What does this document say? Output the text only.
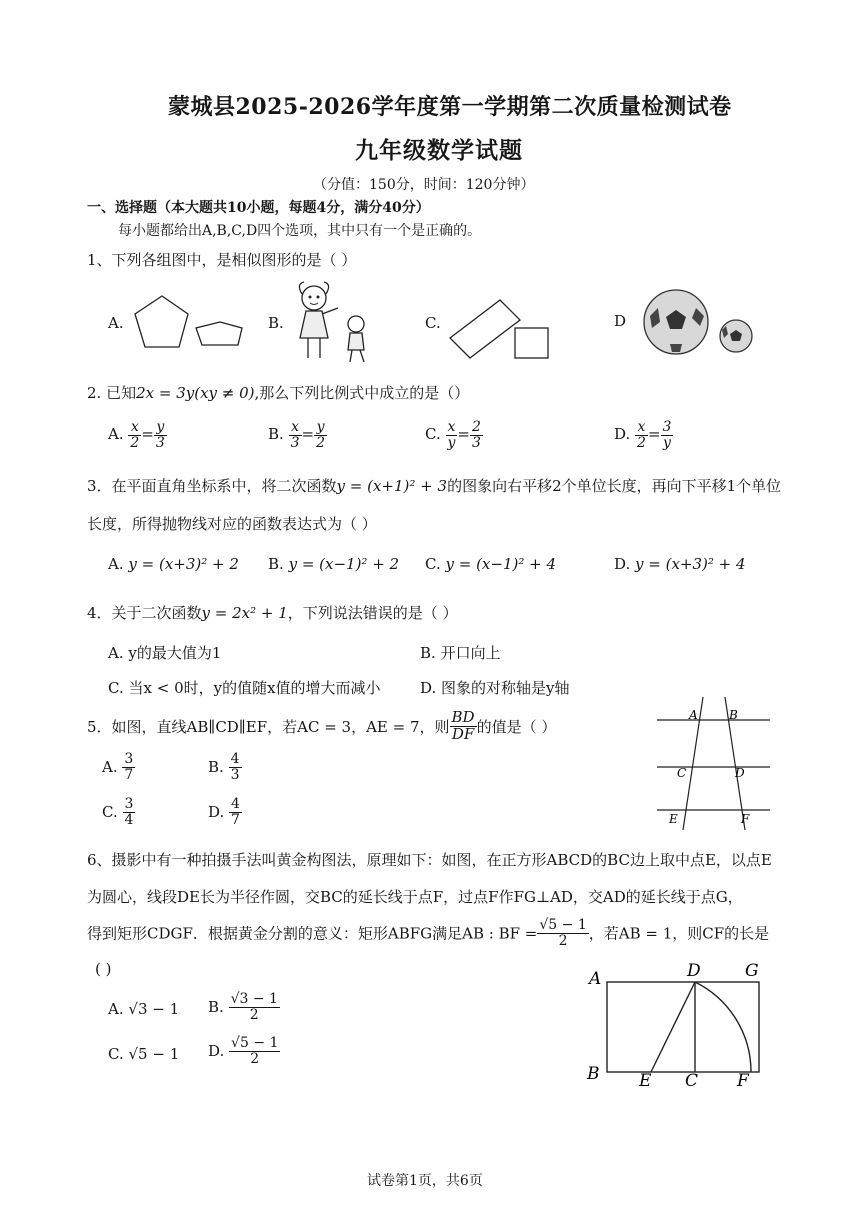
蒙城县2025-2026学年度第一学期第二次质量检测试卷
九年级数学试题
（分值：150分，时间：120分钟）
一、选择题（本大题共10小题，每题4分，满分40分）
每小题都给出A,B,C,D四个选项，其中只有一个是正确的。
1、下列各组图中，是相似图形的是（ ）
A.	B.	C.	D
2. 已知2x = 3y(xy ≠ 0),那么下列比例式中成立的是（）
A. $\frac{x}{2} = \frac{y}{3}$	B. $\frac{x}{3} = \frac{y}{2}$	C. $\frac{x}{y} = \frac{2}{3}$	D. $\frac{x}{2} = \frac{3}{y}$
3．在平面直角坐标系中，将二次函数y = (x+1)² + 3的图象向右平移2个单位长度，再向下平移1个单位
长度，所得抛物线对应的函数表达式为（ ）
A. y = (x+3)² + 2 B. y = (x−1)² + 2 C. y = (x−1)² + 4	D. y = (x+3)² + 4
4．关于二次函数y = 2x² + 1，下列说法错误的是（ ）
A. y的最大值为1	B. 开口向上
C. 当x < 0时，y的值随x值的增大而减小	D. 图象的对称轴是y轴
5．如图，直线AB∥CD∥EF，若AC = 3，AE = 7，则 $\frac{BD}{DF}$ 的值是（ ）
A. $\frac{3}{7}$	B. $\frac{4}{3}$
C. $\frac{3}{4}$	D. $\frac{4}{7}$
A	B
C	D
E	F
6、摄影中有一种拍摄手法叫黄金构图法，原理如下：如图，在正方形ABCD的BC边上取中点E，以点E
为圆心，线段DE长为半径作圆，交BC的延长线于点F，过点F作FG⊥AD，交AD的延长线于点G，
得到矩形CDGF．根据黄金分割的意义：矩形ABFG满足AB : BF = $\frac{√5 - 1}{2}$ ，若AB = 1，则CF的长是
( )
A. √3 − 1 B. $\frac{√3 - 1}{2}$
C. √5 − 1 D. $\frac{√5 - 1}{2}$
A	D	G
B E C F
试卷第1页，共6页
